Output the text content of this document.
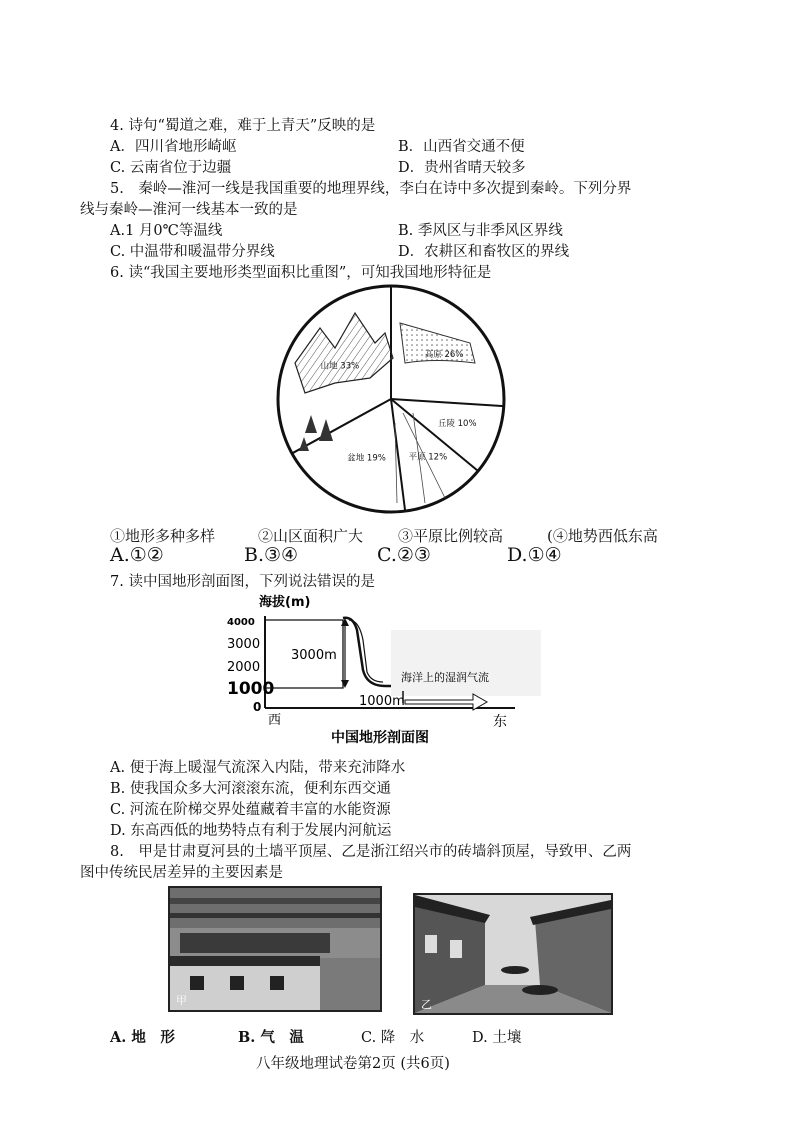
4. 诗句“蜀道之难，难于上青天”反映的是
A．四川省地形崎岖	B．山西省交通不便
C. 云南省位于边疆	D．贵州省晴天较多
5.　秦岭—淮河一线是我国重要的地理界线，李白在诗中多次提到秦岭。下列分界
线与秦岭—淮河一线基本一致的是
A.1 月0℃等温线	B. 季风区与非季风区界线
C. 中温带和暖温带分界线	D．农耕区和畜牧区的界线
6. 读“我国主要地形类型面积比重图”，可知我国地形特征是
高原 26%
丘陵 10%
平原 12%
盆地 19%
山地 33%
①地形多种多样	②山区面积广大 ③平原比例较高	(④地势西低东高
A.①②	B.③④	C.②③	D.①④
7. 读中国地形剖面图，下列说法错误的是
海拔(m)
4000
3000
2000
1000
0
3000m
海洋上的湿润气流
1000m
西	东
中国地形剖面图
A. 便于海上暖湿气流深入内陆，带来充沛降水
B. 使我国众多大河滚滚东流，便利东西交通
C. 河流在阶梯交界处蕴藏着丰富的水能资源
D. 东高西低的地势特点有利于发展内河航运
8.　甲是甘肃夏河县的土墙平顶屋、乙是浙江绍兴市的砖墙斜顶屋，导致甲、乙两
图中传统民居差异的主要因素是
甲	乙
A. 地　形	B. 气　温	C. 降　水	D. 土壤
八年级地理试卷第2页 (共6页)
